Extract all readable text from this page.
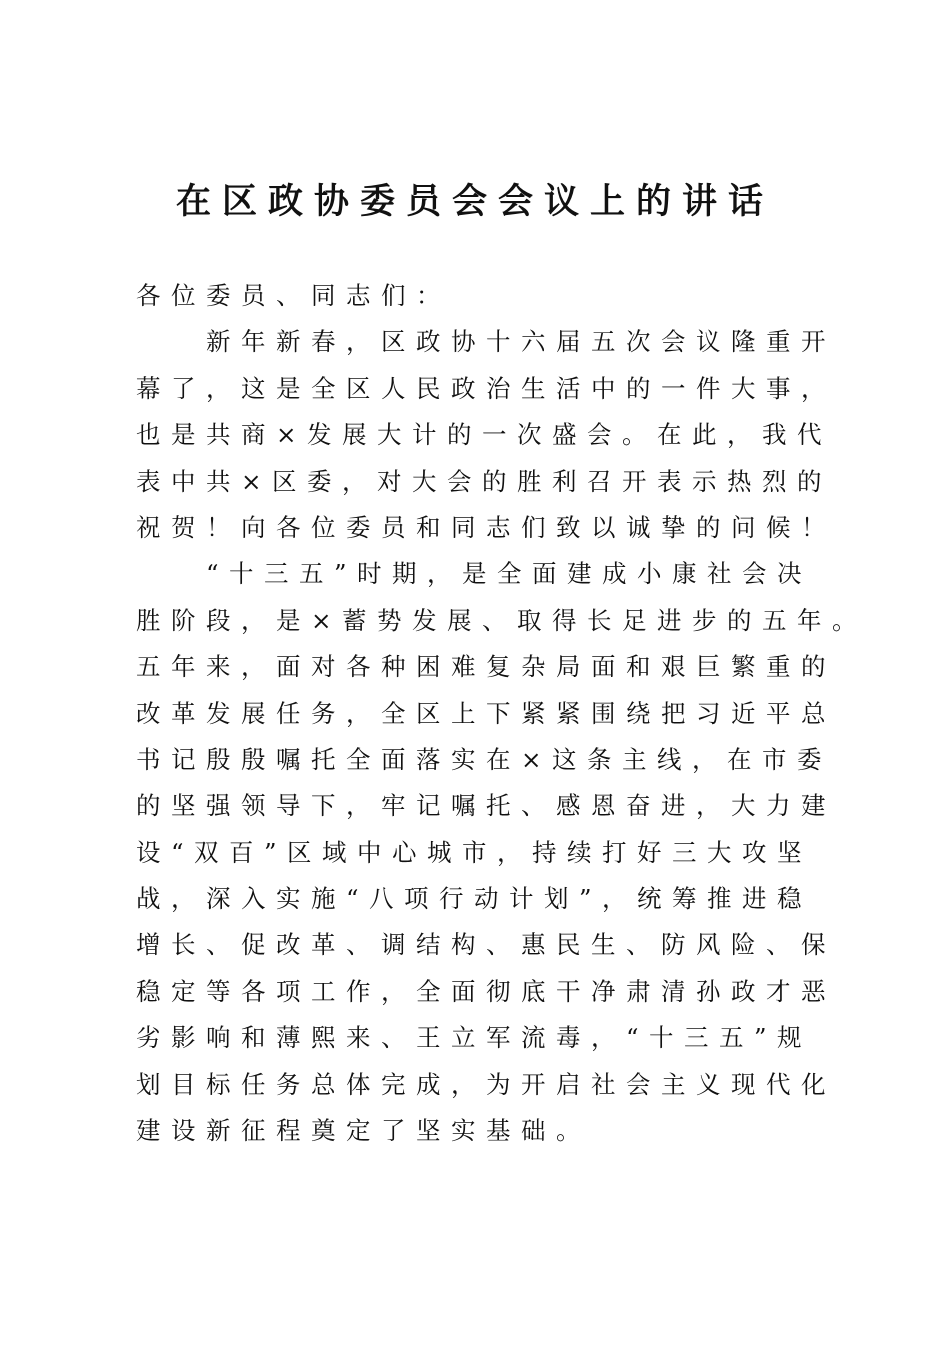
在区政协委员会会议上的讲话
各位委员、同志们：
新年新春，区政协十六届五次会议隆重开
幕了，这是全区人民政治生活中的一件大事，
也是共商×发展大计的一次盛会。在此，我代
表中共×区委，对大会的胜利召开表示热烈的
祝贺！向各位委员和同志们致以诚挚的问候！
“十三五”时期，是全面建成小康社会决
胜阶段，是×蓄势发展、取得长足进步的五年。
五年来，面对各种困难复杂局面和艰巨繁重的
改革发展任务，全区上下紧紧围绕把习近平总
书记殷殷嘱托全面落实在×这条主线，在市委
的坚强领导下，牢记嘱托、感恩奋进，大力建
设“双百”区域中心城市，持续打好三大攻坚
战，深入实施“八项行动计划”，统筹推进稳
增长、促改革、调结构、惠民生、防风险、保
稳定等各项工作，全面彻底干净肃清孙政才恶
劣影响和薄熙来、王立军流毒，“十三五”规
划目标任务总体完成，为开启社会主义现代化
建设新征程奠定了坚实基础。
